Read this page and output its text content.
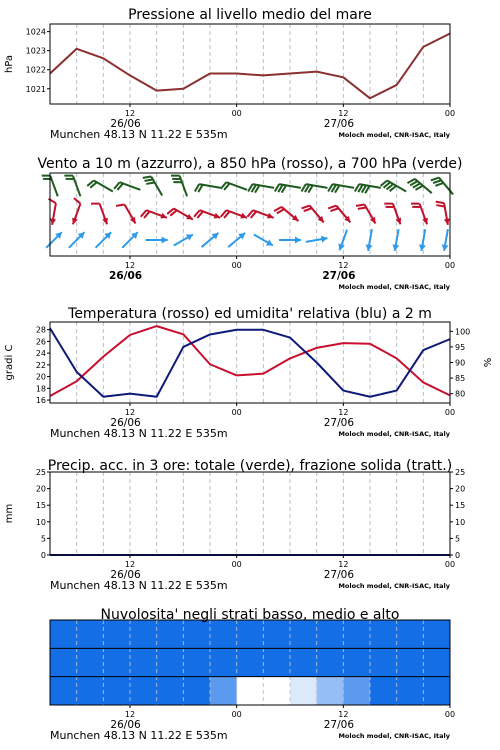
1021
1022
1023
1024
hPa
Pressione al livello medio del mare
12	00	12	00
26/06	27/06
Munchen 48.13 N 11.22 E 535m	Moloch model, CNR-ISAC, Italy
Vento a 10 m (azzurro), a 850 hPa (rosso), a 700 hPa (verde)
12	00	12	00
26/06	27/06
Moloch model, CNR-ISAC, Italy
16
18
20
22
24
26
28
80
85
90
95
100
gradi C	%
Temperatura (rosso) ed umidita' relativa (blu) a 2 m
12	00	12	00
26/06	27/06
Munchen 48.13 N 11.22 E 535m	Moloch model, CNR-ISAC, Italy
0
5
10
15
20
25
0
5
10
15
20
25
mm
Precip. acc. in 3 ore: totale (verde), frazione solida (tratt.)
12	00	12	00
26/06	27/06
Munchen 48.13 N 11.22 E 535m	Moloch model, CNR-ISAC, Italy
Nuvolosita' negli strati basso, medio e alto
12	00	12	00
26/06	27/06
Munchen 48.13 N 11.22 E 535m	Moloch model, CNR-ISAC, Italy
